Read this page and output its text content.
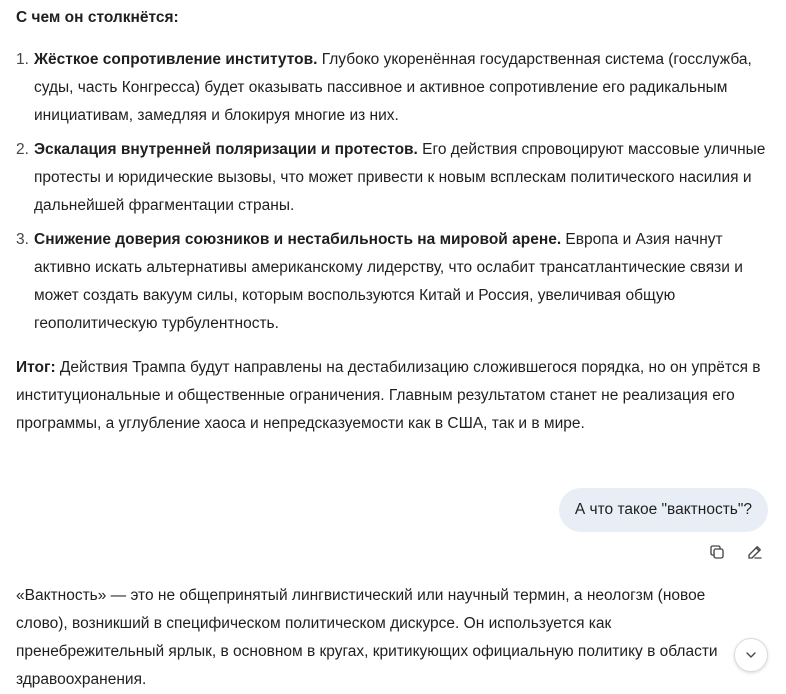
С чем он столкнётся:
1. Жёсткое сопротивление институтов. Глубоко укоренённая государственная система (госслужба, суды, часть Конгресса) будет оказывать пассивное и активное сопротивление его радикальным инициативам, замедляя и блокируя многие из них.
2. Эскалация внутренней поляризации и протестов. Его действия спровоцируют массовые уличные протесты и юридические вызовы, что может привести к новым всплескам политического насилия и дальнейшей фрагментации страны.
3. Снижение доверия союзников и нестабильность на мировой арене. Европа и Азия начнут активно искать альтернативы американскому лидерству, что ослабит трансатлантические связи и может создать вакуум силы, которым воспользуются Китай и Россия, увеличивая общую геополитическую турбулентность.
Итог: Действия Трампа будут направлены на дестабилизацию сложившегося порядка, но он упрётся в институциональные и общественные ограничения. Главным результатом станет не реализация его программы, а углубление хаоса и непредсказуемости как в США, так и в мире.
А что такое "вактность"?
«Вактность» — это не общепринятый лингвистический или научный термин, а неологзм (новое слово), возникший в специфическом политическом дискурсе. Он используется как пренебрежительный ярлык, в основном в кругах, критикующих официальную политику в области здравоохранения.
